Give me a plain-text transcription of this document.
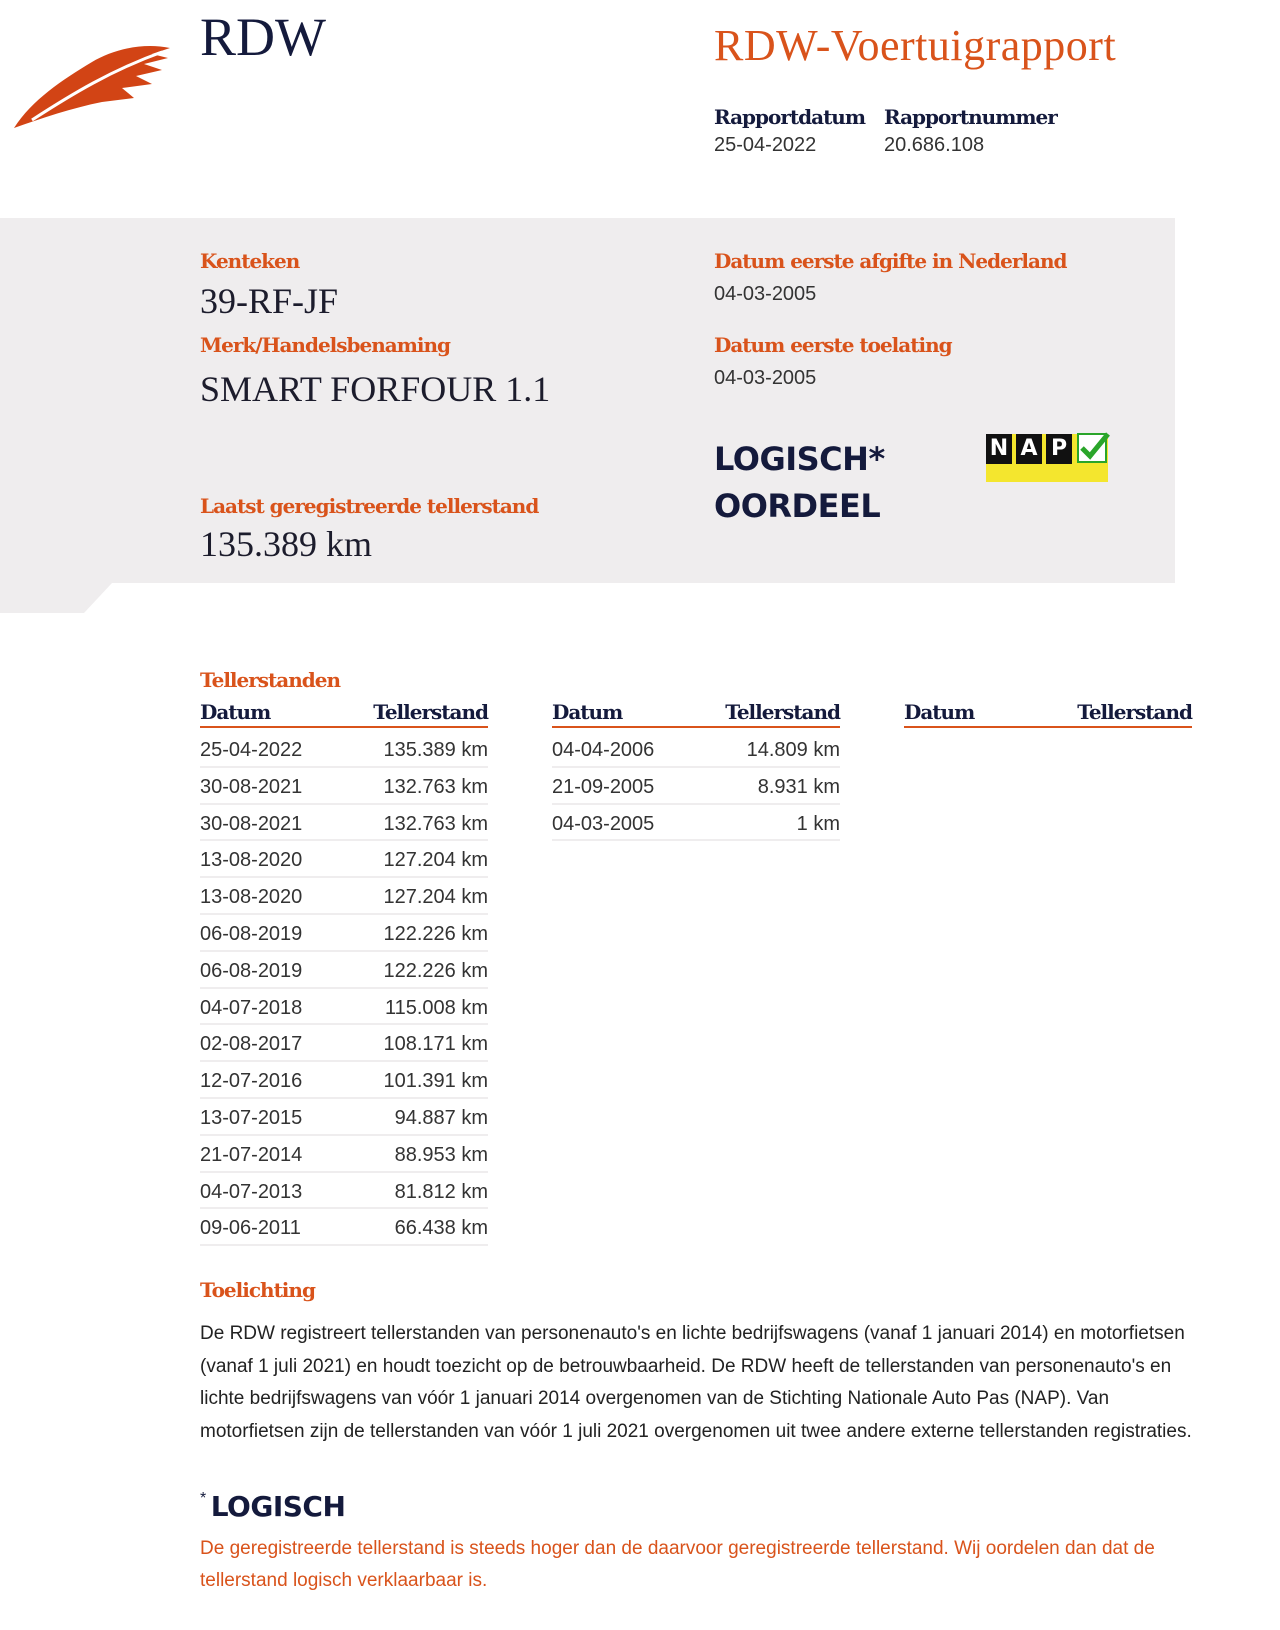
RDW	RDW-Voertuigrapport
Rapportdatum
25-04-2022
Rapportnummer
20.686.108
Kenteken
39-RF-JF
Merk/Handelsbenaming
SMART FORFOUR 1.1
Laatst geregistreerde tellerstand
135.389 km
Datum eerste afgifte in Nederland
04-03-2005
Datum eerste toelating
04-03-2005
LOGISCH*
OORDEEL
N A P
Tellerstanden
Datum	Tellerstand	Datum	Tellerstand	Datum	Tellerstand
25-04-2022	135.389 km
30-08-2021	132.763 km
30-08-2021	132.763 km
13-08-2020	127.204 km
13-08-2020	127.204 km
06-08-2019	122.226 km
06-08-2019	122.226 km
04-07-2018	115.008 km
02-08-2017	108.171 km
12-07-2016	101.391 km
13-07-2015	94.887 km
21-07-2014	88.953 km
04-07-2013	81.812 km
09-06-2011	66.438 km
04-04-2006	14.809 km
21-09-2005	8.931 km
04-03-2005	1 km
Toelichting
De RDW registreert tellerstanden van personenauto's en lichte bedrijfswagens (vanaf 1 januari 2014) en motorfietsen (vanaf 1 juli 2021) en houdt toezicht op de betrouwbaarheid. De RDW heeft de tellerstanden van personenauto's en lichte bedrijfswagens van vóór 1 januari 2014 overgenomen van de Stichting Nationale Auto Pas (NAP). Van motorfietsen zijn de tellerstanden van vóór 1 juli 2021 overgenomen uit twee andere externe tellerstanden registraties.
* LOGISCH
De geregistreerde tellerstand is steeds hoger dan de daarvoor geregistreerde tellerstand. Wij oordelen dan dat de tellerstand logisch verklaarbaar is.
